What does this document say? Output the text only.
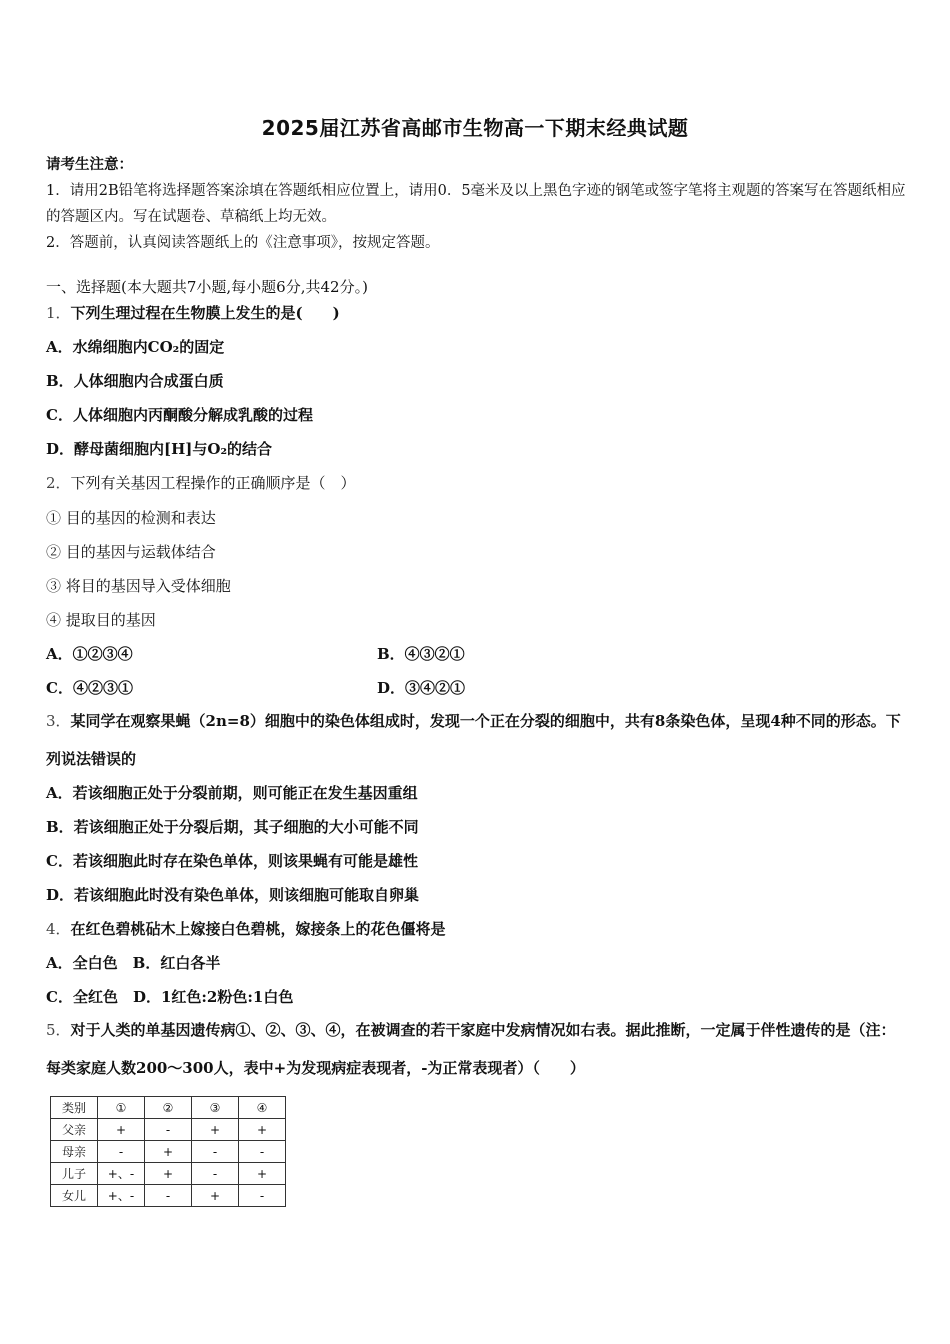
2025届江苏省高邮市生物高一下期末经典试题

请考生注意：

1．请用2B铅笔将选择题答案涂填在答题纸相应位置上，请用0．5毫米及以上黑色字迹的钢笔或签字笔将主观题的答案写在答题纸相应的答题区内。写在试题卷、草稿纸上均无效。

2．答题前，认真阅读答题纸上的《注意事项》，按规定答题。

一、选择题(本大题共7小题,每小题6分,共42分。)
1．下列生理过程在生物膜上发生的是(　　)
A．水绵细胞内CO₂的固定
B．人体细胞内合成蛋白质
C．人体细胞内丙酮酸分解成乳酸的过程
D．酵母菌细胞内[H]与O₂的结合
2．下列有关基因工程操作的正确顺序是（　）
① 目的基因的检测和表达
② 目的基因与运载体结合
③ 将目的基因导入受体细胞
④ 提取目的基因
A．①②③④	B．④③②①
C．④②③①	D．③④②①
3．某同学在观察果蝇（2n=8）细胞中的染色体组成时，发现一个正在分裂的细胞中，共有8条染色体，呈现4种不同的形态。下列说法错误的
A．若该细胞正处于分裂前期，则可能正在发生基因重组
B．若该细胞正处于分裂后期，其子细胞的大小可能不同
C．若该细胞此时存在染色单体，则该果蝇有可能是雄性
D．若该细胞此时没有染色单体，则该细胞可能取自卵巢
4．在红色碧桃砧木上嫁接白色碧桃，嫁接条上的花色僵将是
A．全白色　B．红白各半
C．全红色　D．1红色:2粉色:1白色
5．对于人类的单基因遗传病①、②、③、④，在被调查的若干家庭中发病情况如右表。据此推断，一定属于伴性遗传的是（注：每类家庭人数200～300人，表中+为发现病症表现者，-为正常表现者）（　　）
类别	①	②	③	④
父亲	+	-	+	+
母亲	-	+	-	-
儿子	+、-	+	-	+
女儿	+、-	-	+	-
